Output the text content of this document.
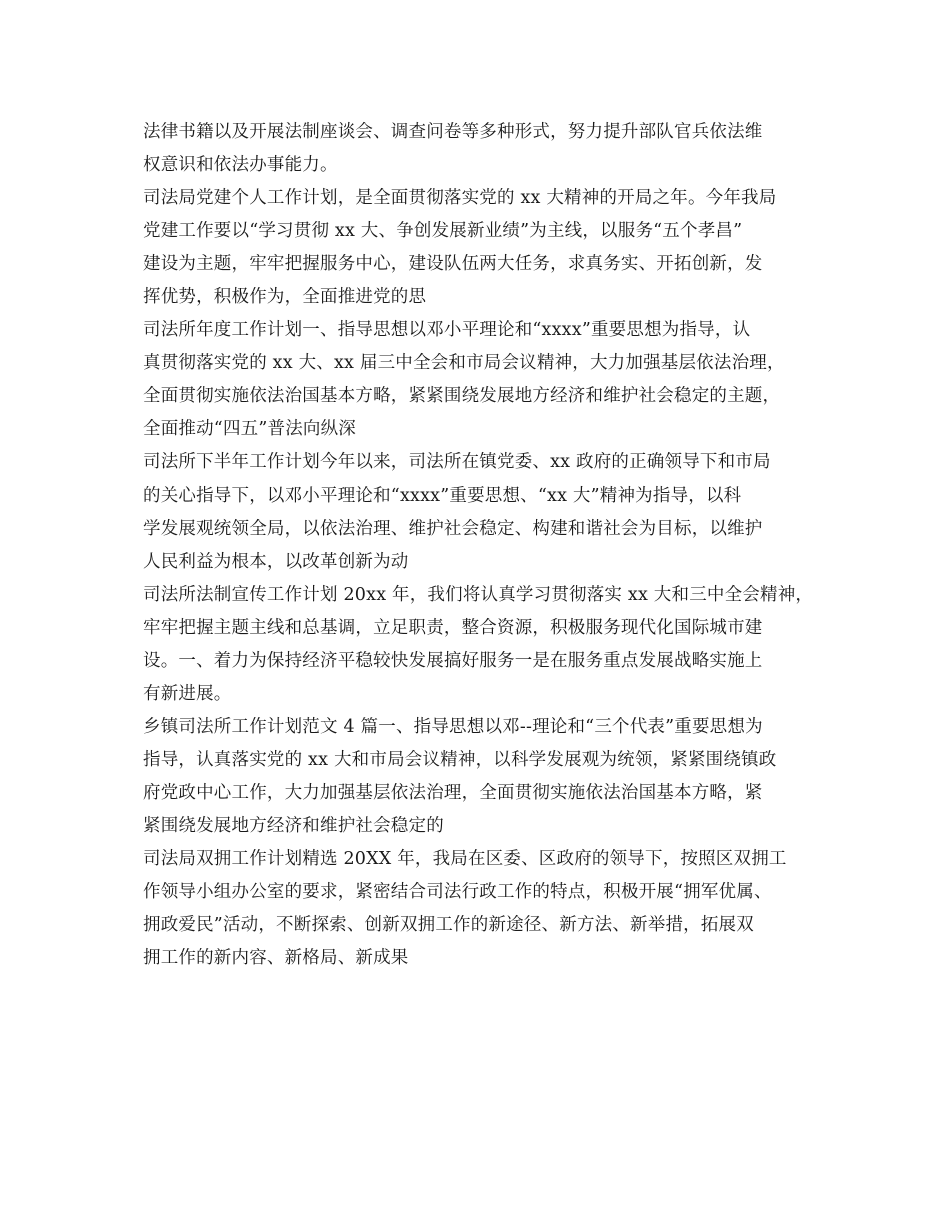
法律书籍以及开展法制座谈会、调查问卷等多种形式，努力提升部队官兵依法维
权意识和依法办事能力。
司法局党建个人工作计划，是全面贯彻落实党的 xx 大精神的开局之年。今年我局
党建工作要以“学习贯彻 xx 大、争创发展新业绩”为主线，以服务“五个孝昌”
建设为主题，牢牢把握服务中心，建设队伍两大任务，求真务实、开拓创新，发
挥优势，积极作为，全面推进党的思
司法所年度工作计划一、指导思想以邓小平理论和“xxxx”重要思想为指导，认
真贯彻落实党的 xx 大、xx 届三中全会和市局会议精神，大力加强基层依法治理，
全面贯彻实施依法治国基本方略，紧紧围绕发展地方经济和维护社会稳定的主题，
全面推动“四五”普法向纵深
司法所下半年工作计划今年以来，司法所在镇党委、xx 政府的正确领导下和市局
的关心指导下，以邓小平理论和“xxxx”重要思想、“xx 大”精神为指导，以科
学发展观统领全局，以依法治理、维护社会稳定、构建和谐社会为目标，以维护
人民利益为根本，以改革创新为动
司法所法制宣传工作计划 20xx 年，我们将认真学习贯彻落实 xx 大和三中全会精神，
牢牢把握主题主线和总基调，立足职责，整合资源，积极服务现代化国际城市建
设。一、着力为保持经济平稳较快发展搞好服务一是在服务重点发展战略实施上
有新进展。
乡镇司法所工作计划范文 4 篇一、指导思想以邓--理论和“三个代表”重要思想为
指导，认真落实党的 xx 大和市局会议精神，以科学发展观为统领，紧紧围绕镇政
府党政中心工作，大力加强基层依法治理，全面贯彻实施依法治国基本方略，紧
紧围绕发展地方经济和维护社会稳定的
司法局双拥工作计划精选 20XX 年，我局在区委、区政府的领导下，按照区双拥工
作领导小组办公室的要求，紧密结合司法行政工作的特点，积极开展“拥军优属、
拥政爱民”活动，不断探索、创新双拥工作的新途径、新方法、新举措，拓展双
拥工作的新内容、新格局、新成果
